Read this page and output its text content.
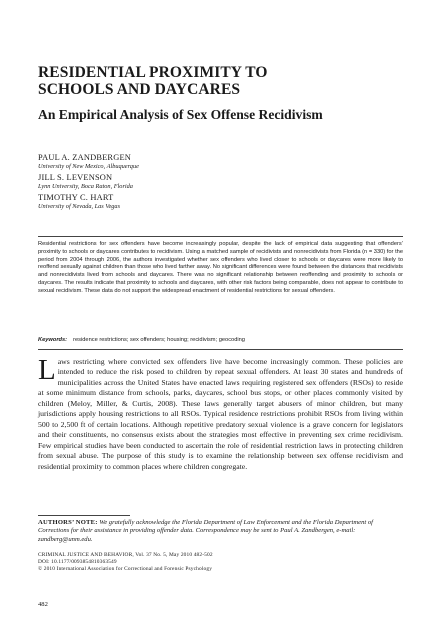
RESIDENTIAL PROXIMITY TO
SCHOOLS AND DAYCARES
An Empirical Analysis of Sex Offense Recidivism
PAUL A. ZANDBERGEN
University of New Mexico, Albuquerque
JILL S. LEVENSON
Lynn University, Boca Raton, Florida
TIMOTHY C. HART
University of Nevada, Las Vegas

Residential restrictions for sex offenders have become increasingly popular, despite the lack of empirical data suggesting that offenders’ proximity to schools or daycares contributes to recidivism. Using a matched sample of recidivists and nonrecidivists from Florida (n = 330) for the period from 2004 through 2006, the authors investigated whether sex offenders who lived closer to schools or daycares were more likely to reoffend sexually against children than those who lived farther away. No significant differences were found between the distances that recidivists and nonrecidivists lived from schools and daycares. There was no significant relationship between reoffending and proximity to schools or daycares. The results indicate that proximity to schools and daycares, with other risk factors being comparable, does not appear to contribute to sexual recidivism. These data do not support the widespread enactment of residential restrictions for sexual offenders.

Keywords: residence restrictions; sex offenders; housing; recidivism; geocoding

Laws restricting where convicted sex offenders live have become increasingly common. These policies are intended to reduce the risk posed to children by repeat sexual offenders. At least 30 states and hundreds of municipalities across the United States have enacted laws requiring registered sex offenders (RSOs) to reside at some minimum distance from schools, parks, daycares, school bus stops, or other places commonly visited by children (Meloy, Miller, & Curtis, 2008). These laws generally target abusers of minor children, but many jurisdictions apply housing restrictions to all RSOs. Typical residence restrictions prohibit RSOs from living within 500 to 2,500 ft of certain locations. Although repetitive predatory sexual violence is a grave concern for legislators and their constituents, no consensus exists about the strategies most effective in preventing sex crime recidivism. Few empirical studies have been conducted to ascertain the role of residential restriction laws in protecting children from sexual abuse. The purpose of this study is to examine the relationship between sex offense recidivism and residential proximity to common places where children congregate.

AUTHORS’ NOTE: We gratefully acknowledge the Florida Department of Law Enforcement and the Florida Department of Corrections for their assistance in providing offender data. Correspondence may be sent to Paul A. Zandbergen, e-mail: zandberg@unm.edu.

CRIMINAL JUSTICE AND BEHAVIOR, Vol. 37 No. 5, May 2010 482-502
DOI: 10.1177/0093854810363549
© 2010 International Association for Correctional and Forensic Psychology
482
